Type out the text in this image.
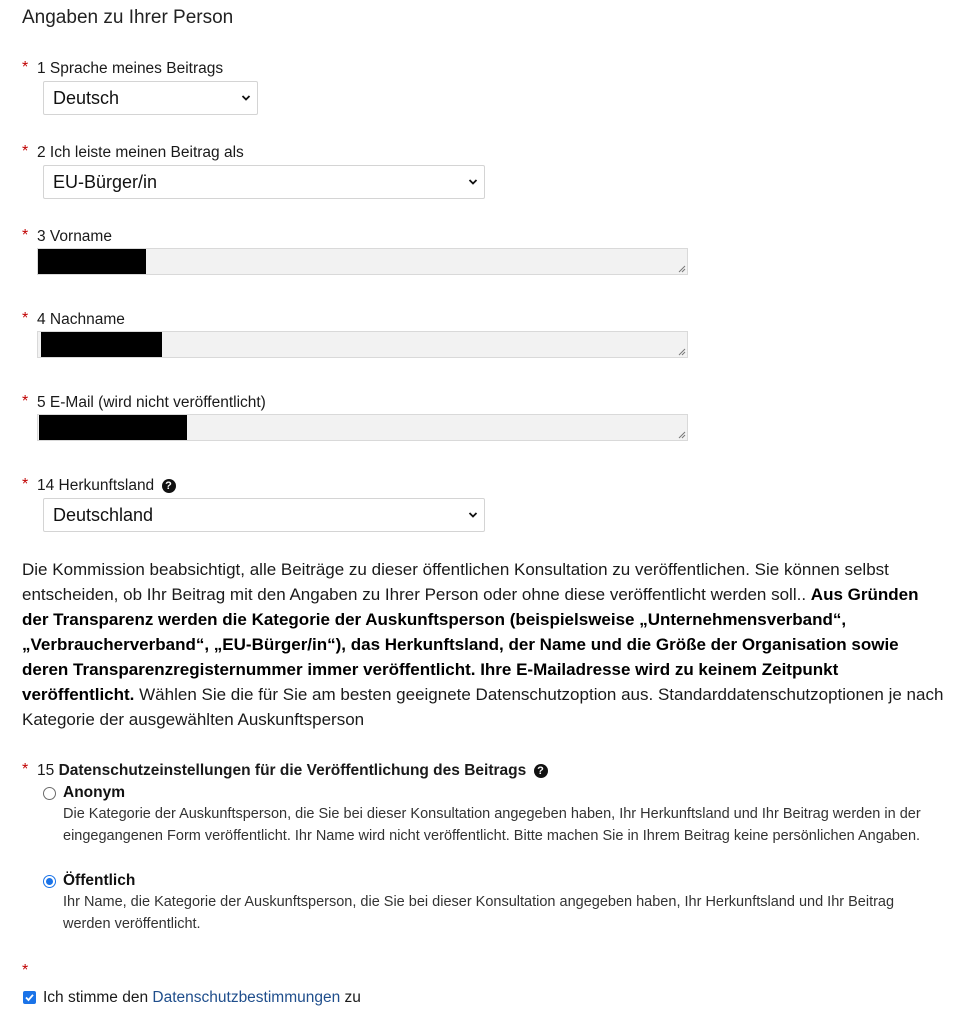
Angaben zu Ihrer Person
* 1 Sprache meines Beitrags
Deutsch
* 2 Ich leiste meinen Beitrag als
EU-Bürger/in
* 3 Vorname
* 4 Nachname
* 5 E-Mail (wird nicht veröffentlicht)
* 14 Herkunftsland ?
Deutschland
Die Kommission beabsichtigt, alle Beiträge zu dieser öffentlichen Konsultation zu veröffentlichen. Sie können selbst entscheiden, ob Ihr Beitrag mit den Angaben zu Ihrer Person oder ohne diese veröffentlicht werden soll.. Aus Gründen der Transparenz werden die Kategorie der Auskunftsperson (beispielsweise „Unternehmensverband“, „Verbraucherverband“, „EU-Bürger/in“), das Herkunftsland, der Name und die Größe der Organisation sowie deren Transparenzregisternummer immer veröffentlicht. Ihre E-Mailadresse wird zu keinem Zeitpunkt veröffentlicht. Wählen Sie die für Sie am besten geeignete Datenschutzoption aus. Standarddatenschutzoptionen je nach Kategorie der ausgewählten Auskunftsperson
* 15 Datenschutzeinstellungen für die Veröffentlichung des Beitrags ?
Anonym
Die Kategorie der Auskunftsperson, die Sie bei dieser Konsultation angegeben haben, Ihr Herkunftsland und Ihr Beitrag werden in der eingegangenen Form veröffentlicht. Ihr Name wird nicht veröffentlicht. Bitte machen Sie in Ihrem Beitrag keine persönlichen Angaben.
Öffentlich
Ihr Name, die Kategorie der Auskunftsperson, die Sie bei dieser Konsultation angegeben haben, Ihr Herkunftsland und Ihr Beitrag werden veröffentlicht.
*
Ich stimme den Datenschutzbestimmungen zu
